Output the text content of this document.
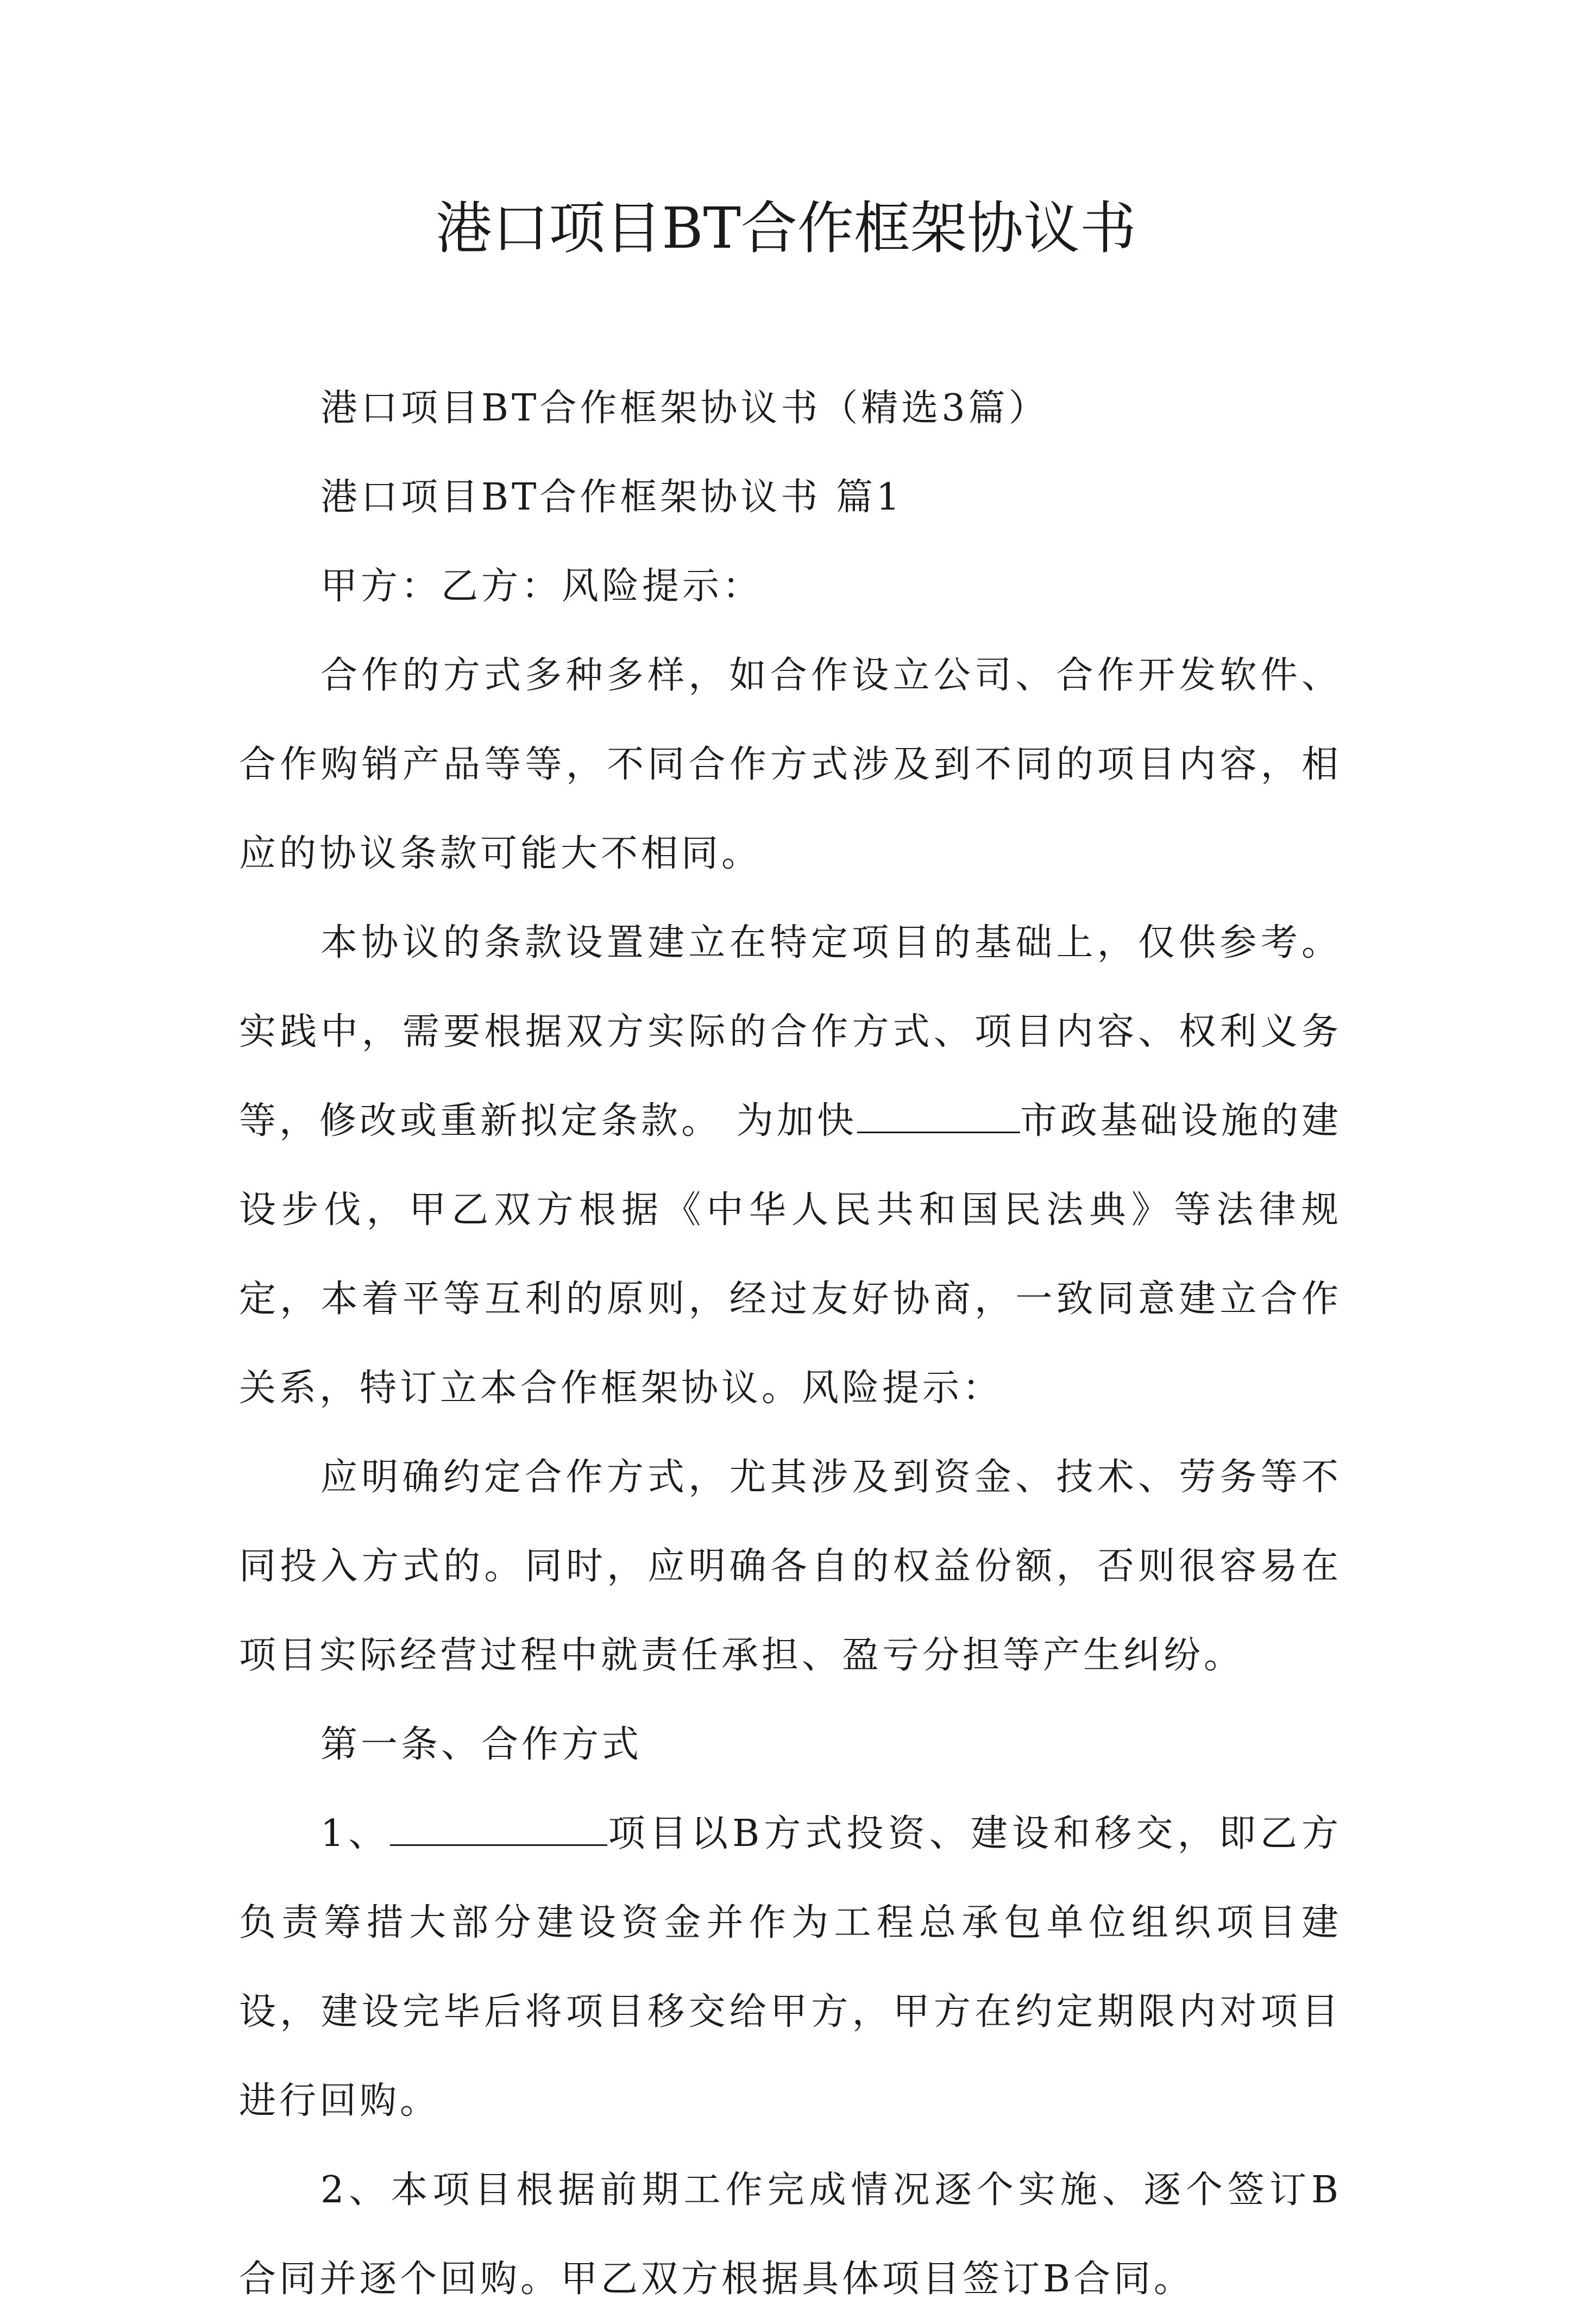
港口项目BT合作框架协议书

港口项目BT合作框架协议书（精选3篇）

港口项目BT合作框架协议书 篇1

甲方：乙方：风险提示：

合作的方式多种多样，如合作设立公司、合作开发软件、合作购销产品等等，不同合作方式涉及到不同的项目内容，相应的协议条款可能大不相同。

本协议的条款设置建立在特定项目的基础上，仅供参考。实践中，需要根据双方实际的合作方式、项目内容、权利义务等，修改或重新拟定条款。 为加快	市政基础设施的建设步伐，甲乙双方根据《中华人民共和国民法典》等法律规定，本着平等互利的原则，经过友好协商，一致同意建立合作关系，特订立本合作框架协议。风险提示：

应明确约定合作方式，尤其涉及到资金、技术、劳务等不同投入方式的。同时，应明确各自的权益份额，否则很容易在项目实际经营过程中就责任承担、盈亏分担等产生纠纷。

第一条、合作方式

1、	项目以B方式投资、建设和移交，即乙方负责筹措大部分建设资金并作为工程总承包单位组织项目建设，建设完毕后将项目移交给甲方，甲方在约定期限内对项目进行回购。

2、本项目根据前期工作完成情况逐个实施、逐个签订B合同并逐个回购。甲乙双方根据具体项目签订B合同。
